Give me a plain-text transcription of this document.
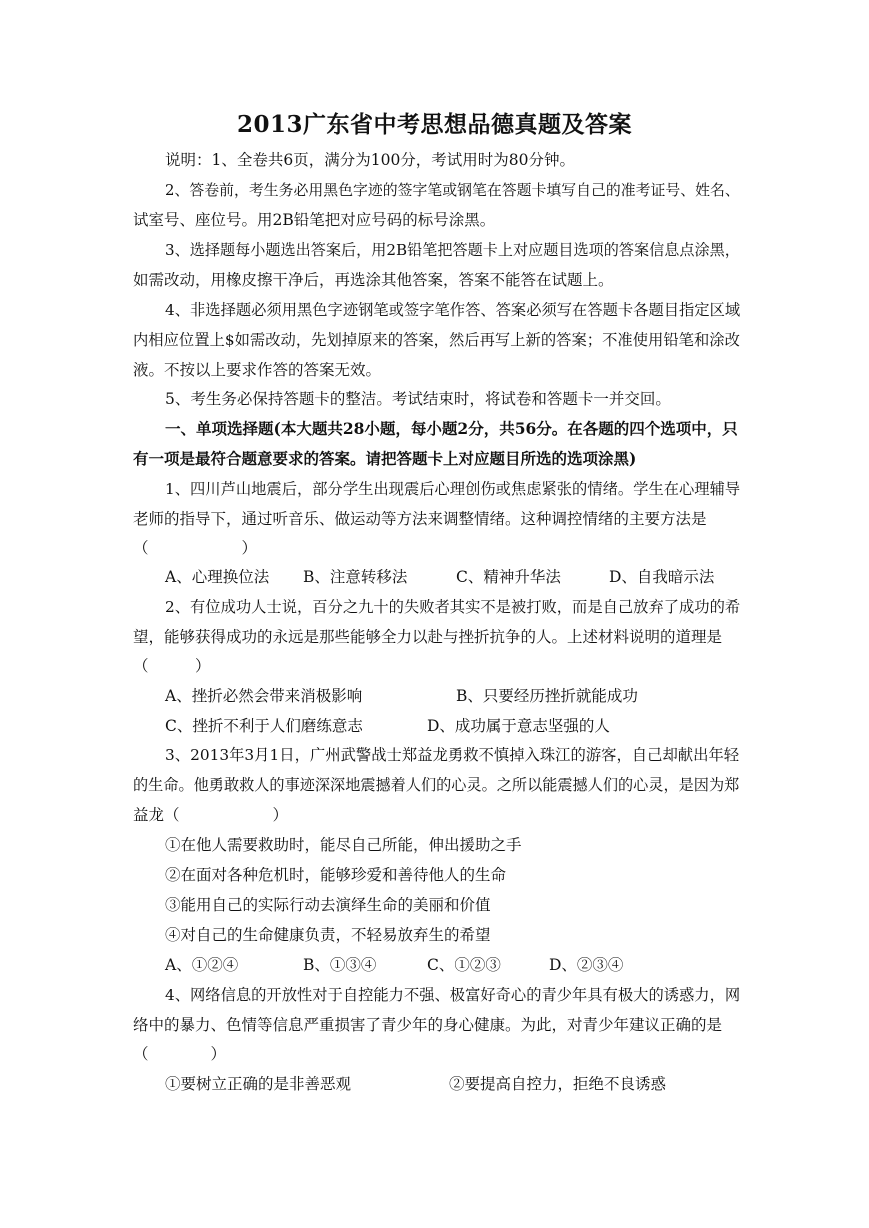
2013广东省中考思想品德真题及答案
说明：1、全卷共6页，满分为100分，考试用时为80分钟。
2、答卷前，考生务必用黑色字迹的签字笔或钢笔在答题卡填写自己的准考证号、姓名、
试室号、座位号。用2B铅笔把对应号码的标号涂黑。
3、选择题每小题选出答案后，用2B铅笔把答题卡上对应题目选项的答案信息点涂黑，
如需改动，用橡皮擦干净后，再选涂其他答案，答案不能答在试题上。
4、非选择题必须用黑色字迹钢笔或签字笔作答、答案必须写在答题卡各题目指定区域
内相应位置上$如需改动，先划掉原来的答案，然后再写上新的答案；不准使用铅笔和涂改
液。不按以上要求作答的答案无效。
5、考生务必保持答题卡的整洁。考试结束时，将试卷和答题卡一并交回。
一、单项选择题(本大题共28小题，每小题2分，共56分。在各题的四个选项中，只
有一项是最符合题意要求的答案。请把答题卡上对应题目所选的选项涂黑)
1、四川芦山地震后，部分学生出现震后心理创伤或焦虑紧张的情绪。学生在心理辅导
老师的指导下，通过听音乐、做运动等方法来调整情绪。这种调控情绪的主要方法是
（　　　　　　）
A、心理换位法 B、注意转移法	C、精神升华法	D、自我暗示法
2、有位成功人士说，百分之九十的失败者其实不是被打败，而是自己放弃了成功的希
望，能够获得成功的永远是那些能够全力以赴与挫折抗争的人。上述材料说明的道理是
（　　　）
A、挫折必然会带来消极影响	B、只要经历挫折就能成功
C、挫折不利于人们磨练意志	D、成功属于意志坚强的人
3、2013年3月1日，广州武警战士郑益龙勇救不慎掉入珠江的游客，自己却献出年轻
的生命。他勇敢救人的事迹深深地震撼着人们的心灵。之所以能震撼人们的心灵，是因为郑
益龙（　　　　　　）
①在他人需要救助时，能尽自己所能，伸出援助之手
②在面对各种危机时，能够珍爱和善待他人的生命
③能用自己的实际行动去演绎生命的美丽和价值
④对自己的生命健康负责，不轻易放弃生的希望
A、①②④	B、①③④	C、①②③	D、②③④
4、网络信息的开放性对于自控能力不强、极富好奇心的青少年具有极大的诱惑力，网
络中的暴力、色情等信息严重损害了青少年的身心健康。为此，对青少年建议正确的是
（　　　　）
①要树立正确的是非善恶观	②要提高自控力，拒绝不良诱惑
